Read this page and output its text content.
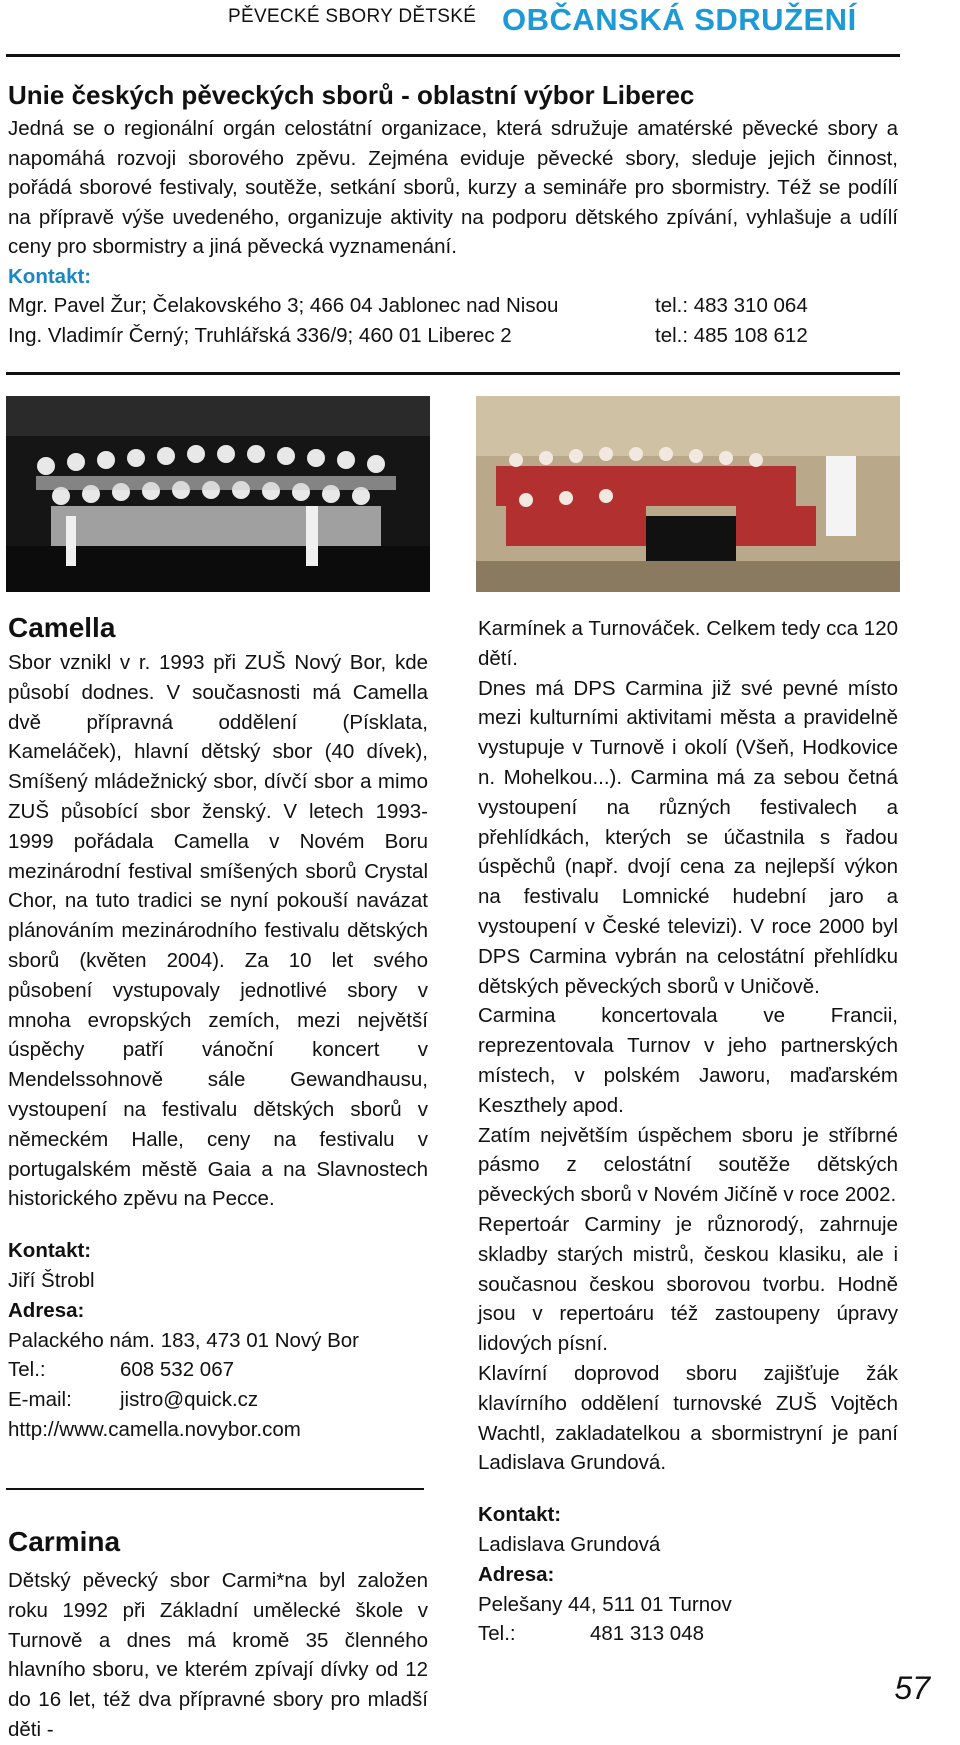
PĚVECKÉ SBORY DĚTSKÉ OBČANSKÁ SDRUŽENÍ
Unie českých pěveckých sborů - oblastní výbor Liberec
Jedná se o regionální orgán celostátní organizace, která sdružuje amatérské pěvecké sbory a napomáhá rozvoji sborového zpěvu. Zejména eviduje pěvecké sbory, sleduje jejich činnost, pořádá sborové festivaly, soutěže, setkání sborů, kurzy a semináře pro sbormistry. Též se podílí na přípravě výše uvedeného, organizuje aktivity na podporu dětského zpívání, vyhlašuje a udílí ceny pro sbormistry a jiná pěvecká vyznamenání.
Kontakt:
Mgr. Pavel Žur; Čelakovského 3; 466 04 Jablonec nad Nisou	tel.: 483 310 064
Ing. Vladimír Černý; Truhlářská 336/9; 460 01 Liberec 2	tel.: 485 108 612
Camella

Sbor vznikl v r. 1993 při ZUŠ Nový Bor, kde působí dodnes. V současnosti má Camella dvě přípravná oddělení (Písklata, Kameláček), hlavní dětský sbor (40 dívek), Smíšený mládežnický sbor, dívčí sbor a mimo ZUŠ působící sbor ženský. V letech 1993-1999 pořádala Camella v Novém Boru mezinárodní festival smíšených sborů Crystal Chor, na tuto tradici se nyní pokouší navázat plánováním mezinárodního festivalu dětských sborů (květen 2004). Za 10 let svého působení vystupovaly jednotlivé sbory v mnoha evropských zemích, mezi největší úspěchy patří vánoční koncert v Mendelssohnově sále Gewandhausu, vystoupení na festivalu dětských sborů v německém Halle, ceny na festivalu v portugalském městě Gaia a na Slavnostech historického zpěvu na Pecce.

Kontakt:
Jiří Štrobl
Adresa:
Palackého nám. 183, 473 01 Nový Bor
Tel.:	608 532 067
E-mail:	jistro@quick.cz
http://www.camella.novybor.com
Carmina
Dětský pěvecký sbor Carmi*na byl založen roku 1992 při Základní umělecké škole v Turnově a dnes má kromě 35 členného hlavního sboru, ve kterém zpívají dívky od 12 do 16 let, též dva přípravné sbory pro mladší děti -

Karmínek a Turnováček. Celkem tedy cca 120 dětí.

Dnes má DPS Carmina již své pevné místo mezi kulturními aktivitami města a pravidelně vystupuje v Turnově i okolí (Všeň, Hodkovice n. Mohelkou...). Carmina má za sebou četná vystoupení na různých festivalech a přehlídkách, kterých se účastnila s řadou úspěchů (např. dvojí cena za nejlepší výkon na festivalu Lomnické hudební jaro a vystoupení v České televizi). V roce 2000 byl DPS Carmina vybrán na celostátní přehlídku dětských pěveckých sborů v Uničově.

Carmina koncertovala ve Francii, reprezentovala Turnov v jeho partnerských místech, v polském Jaworu, maďarském Keszthely apod.

Zatím největším úspěchem sboru je stříbrné pásmo z celostátní soutěže dětských pěveckých sborů v Novém Jičíně v roce 2002.

Repertoár Carminy je různorodý, zahrnuje skladby starých mistrů, českou klasiku, ale i současnou českou sborovou tvorbu. Hodně jsou v repertoáru též zastoupeny úpravy lidových písní.

Klavírní doprovod sboru zajišťuje žák klavírního oddělení turnovské ZUŠ Vojtěch Wachtl, zakladatelkou a sbormistryní je paní Ladislava Grundová.

Kontakt:
Ladislava Grundová
Adresa:
Pelešany 44, 511 01 Turnov
Tel.:	481 313 048
57
